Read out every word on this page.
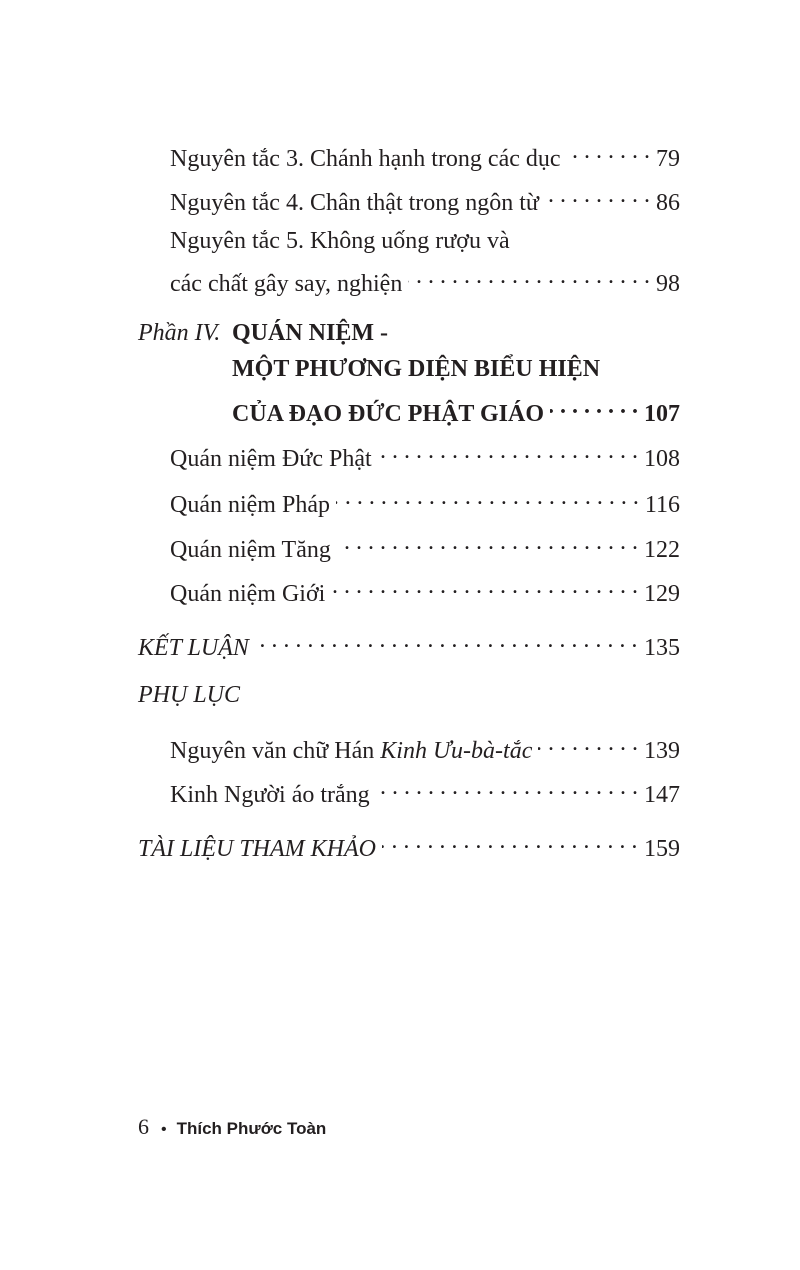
Nguyên tắc 3. Chánh hạnh trong các dục . . .	79
Nguyên tắc 4. Chân thật trong ngôn từ . . .	86
Nguyên tắc 5. Không uống rượu và
các chất gây say, nghiện . . .	98
Phần IV. QUÁN NIỆM -
MỘT PHƯƠNG DIỆN BIỂU HIỆN
CỦA ĐẠO ĐỨC PHẬT GIÁO . . .	107
Quán niệm Đức Phật . . .	108
Quán niệm Pháp . . .	116
Quán niệm Tăng . . .	122
Quán niệm Giới . . .	129
KẾT LUẬN . . .	135
PHỤ LỤC
Nguyên văn chữ Hán Kinh Ưu-bà-tắc . . .	139
Kinh Người áo trắng . . .	147
TÀI LIỆU THAM KHẢO . . .	159
6 • Thích Phước Toàn
